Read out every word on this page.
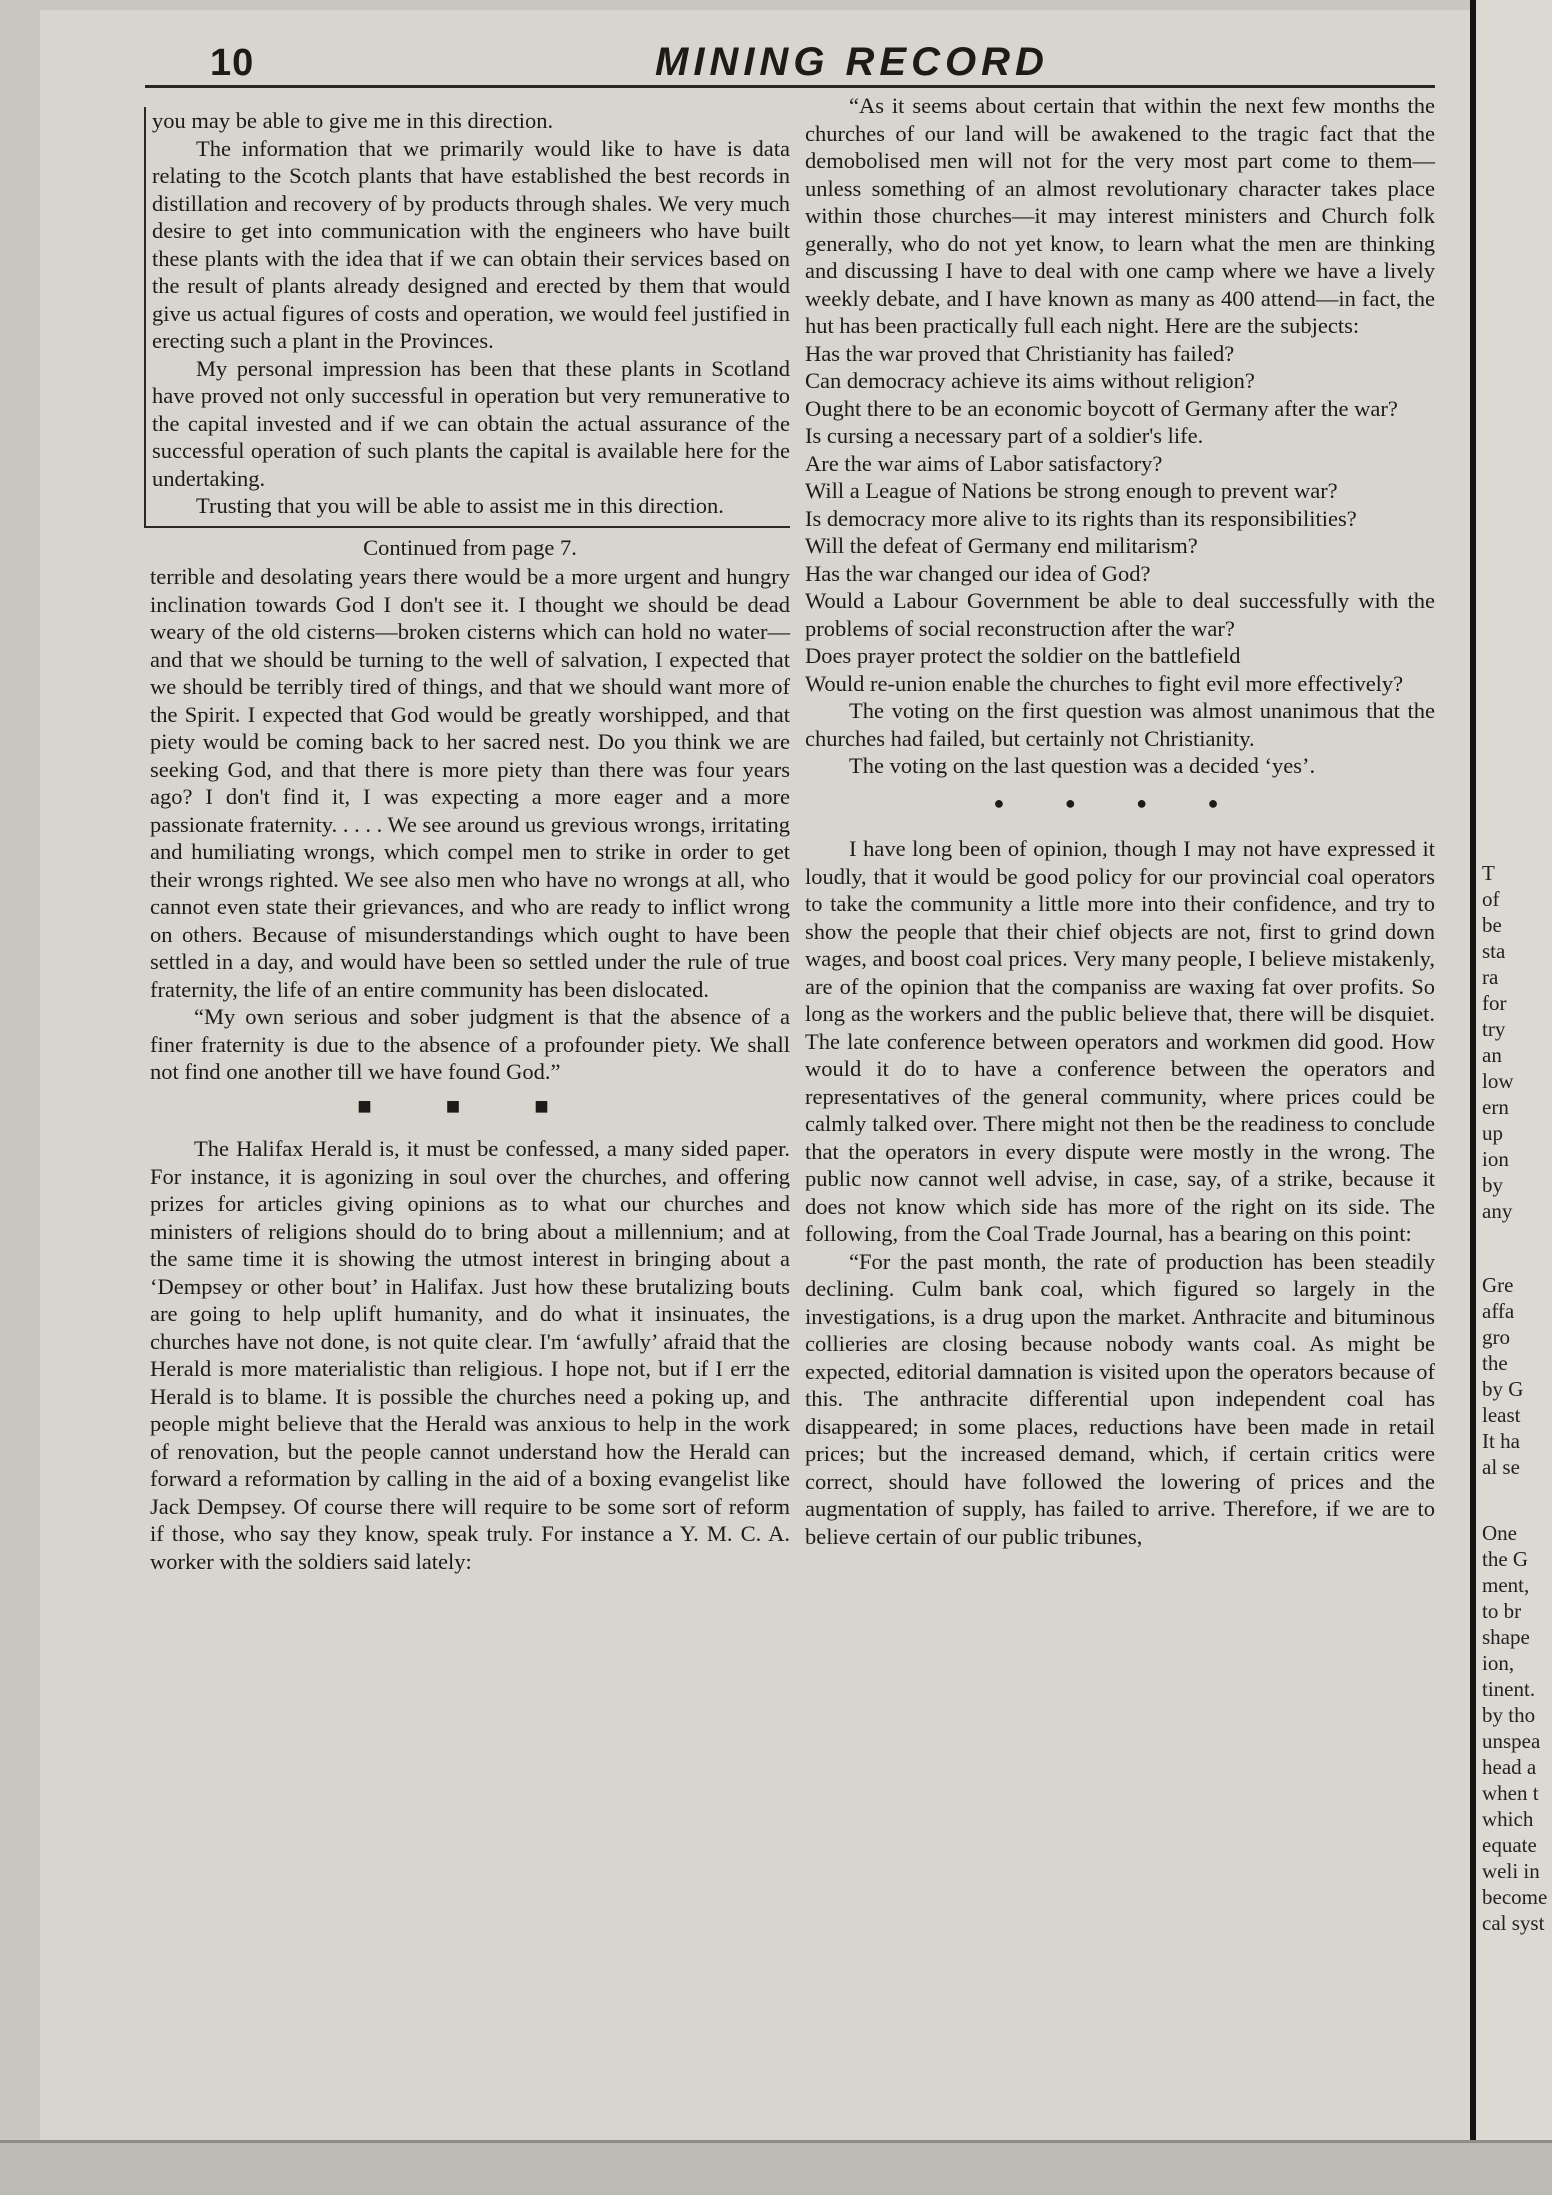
10	MINING RECORD

you may be able to give me in this direction.

The information that we primarily would like to have is data relating to the Scotch plants that have established the best records in distillation and recovery of by products through shales. We very much desire to get into communication with the engineers who have built these plants with the idea that if we can obtain their services based on the result of plants already designed and erected by them that would give us actual figures of costs and operation, we would feel justified in erecting such a plant in the Provinces.

My personal impression has been that these plants in Scotland have proved not only successful in operation but very remunerative to the capital invested and if we can obtain the actual assurance of the successful operation of such plants the capital is available here for the undertaking.

Trusting that you will be able to assist me in this direction.

Continued from page 7.

terrible and desolating years there would be a more urgent and hungry inclination towards God I don't see it. I thought we should be dead weary of the old cisterns—broken cisterns which can hold no water—and that we should be turning to the well of salvation, I expected that we should be terribly tired of things, and that we should want more of the Spirit. I expected that God would be greatly worshipped, and that piety would be coming back to her sacred nest. Do you think we are seeking God, and that there is more piety than there was four years ago? I don't find it, I was expecting a more eager and a more passionate fraternity. . . . . We see around us grevious wrongs, irritating and humiliating wrongs, which compel men to strike in order to get their wrongs righted. We see also men who have no wrongs at all, who cannot even state their grievances, and who are ready to inflict wrong on others. Because of misunderstandings which ought to have been settled in a day, and would have been so settled under the rule of true fraternity, the life of an entire community has been dislocated.

“My own serious and sober judgment is that the absence of a finer fraternity is due to the absence of a profounder piety. We shall not find one another till we have found God.”

■ ■ ■

The Halifax Herald is, it must be confessed, a many sided paper. For instance, it is agonizing in soul over the churches, and offering prizes for articles giving opinions as to what our churches and ministers of religions should do to bring about a millennium; and at the same time it is showing the utmost interest in bringing about a ‘Dempsey or other bout’ in Halifax. Just how these brutalizing bouts are going to help uplift humanity, and do what it insinuates, the churches have not done, is not quite clear. I'm ‘awfully’ afraid that the Herald is more materialistic than religious. I hope not, but if I err the Herald is to blame. It is possible the churches need a poking up, and people might believe that the Herald was anxious to help in the work of renovation, but the people cannot understand how the Herald can forward a reformation by calling in the aid of a boxing evangelist like Jack Dempsey. Of course there will require to be some sort of reform if those, who say they know, speak truly. For instance a Y. M. C. A. worker with the soldiers said lately:

“As it seems about certain that within the next few months the churches of our land will be awakened to the tragic fact that the demobolised men will not for the very most part come to them—unless something of an almost revolutionary character takes place within those churches—it may interest ministers and Church folk generally, who do not yet know, to learn what the men are thinking and discussing I have to deal with one camp where we have a lively weekly debate, and I have known as many as 400 attend—in fact, the hut has been practically full each night. Here are the subjects:

Has the war proved that Christianity has failed?

Can democracy achieve its aims without religion?

Ought there to be an economic boycott of Germany after the war?

Is cursing a necessary part of a soldier's life.

Are the war aims of Labor satisfactory?

Will a League of Nations be strong enough to prevent war?

Is democracy more alive to its rights than its responsibilities?

Will the defeat of Germany end militarism?

Has the war changed our idea of God?

Would a Labour Government be able to deal successfully with the problems of social reconstruction after the war?

Does prayer protect the soldier on the battlefield

Would re-union enable the churches to fight evil more effectively?

The voting on the first question was almost unanimous that the churches had failed, but certainly not Christianity.

The voting on the last question was a decided ‘yes’.

● ● ● ●

I have long been of opinion, though I may not have expressed it loudly, that it would be good policy for our provincial coal operators to take the community a little more into their confidence, and try to show the people that their chief objects are not, first to grind down wages, and boost coal prices. Very many people, I believe mistakenly, are of the opinion that the companiss are waxing fat over profits. So long as the workers and the public believe that, there will be disquiet. The late conference between operators and workmen did good. How would it do to have a conference between the operators and representatives of the general community, where prices could be calmly talked over. There might not then be the readiness to conclude that the operators in every dispute were mostly in the wrong. The public now cannot well advise, in case, say, of a strike, because it does not know which side has more of the right on its side. The following, from the Coal Trade Journal, has a bearing on this point:

“For the past month, the rate of production has been steadily declining. Culm bank coal, which figured so largely in the investigations, is a drug upon the market. Anthracite and bituminous collieries are closing because nobody wants coal. As might be expected, editorial damnation is visited upon the operators because of this. The anthracite differential upon independent coal has disappeared; in some places, reductions have been made in retail prices; but the increased demand, which, if certain critics were correct, should have followed the lowering of prices and the augmentation of supply, has failed to arrive. Therefore, if we are to believe certain of our public tribunes,

T
of
be
sta
ra
for
try
an
low
ern
up
ion
by
any
Gre
affa
gro
the
by G
least
It ha
al se
One
the G
ment,
to br
shape
ion,
tinent.
by tho
unspea
head a
when t
which
equate
weli in
become
cal syst
